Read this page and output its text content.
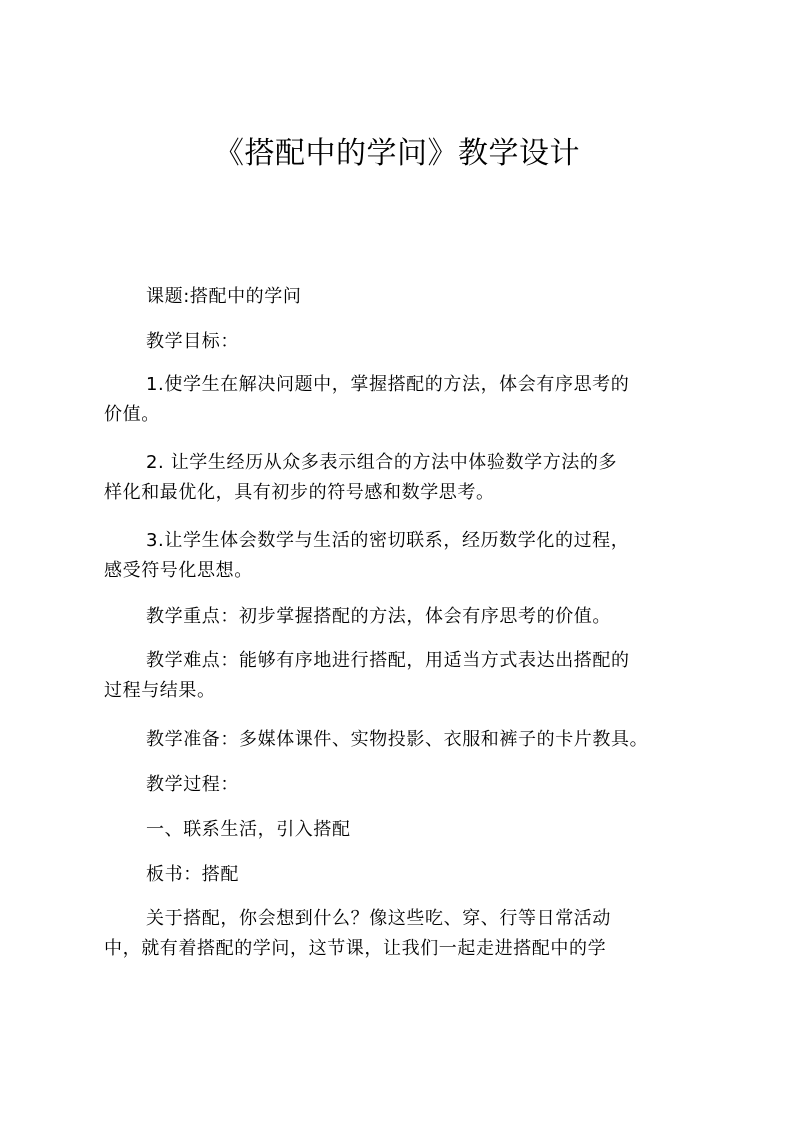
《搭配中的学问》教学设计

课题:搭配中的学问

教学目标：

1.使学生在解决问题中，掌握搭配的方法，体会有序思考的
价值。

2. 让学生经历从众多表示组合的方法中体验数学方法的多
样化和最优化，具有初步的符号感和数学思考。

3.让学生体会数学与生活的密切联系，经历数学化的过程，
感受符号化思想。

教学重点：初步掌握搭配的方法，体会有序思考的价值。

教学难点：能够有序地进行搭配，用适当方式表达出搭配的
过程与结果。

教学准备：多媒体课件、实物投影、衣服和裤子的卡片教具。

教学过程：

一、联系生活，引入搭配

板书：搭配

关于搭配，你会想到什么？像这些吃、穿、行等日常活动
中，就有着搭配的学问，这节课，让我们一起走进搭配中的学
